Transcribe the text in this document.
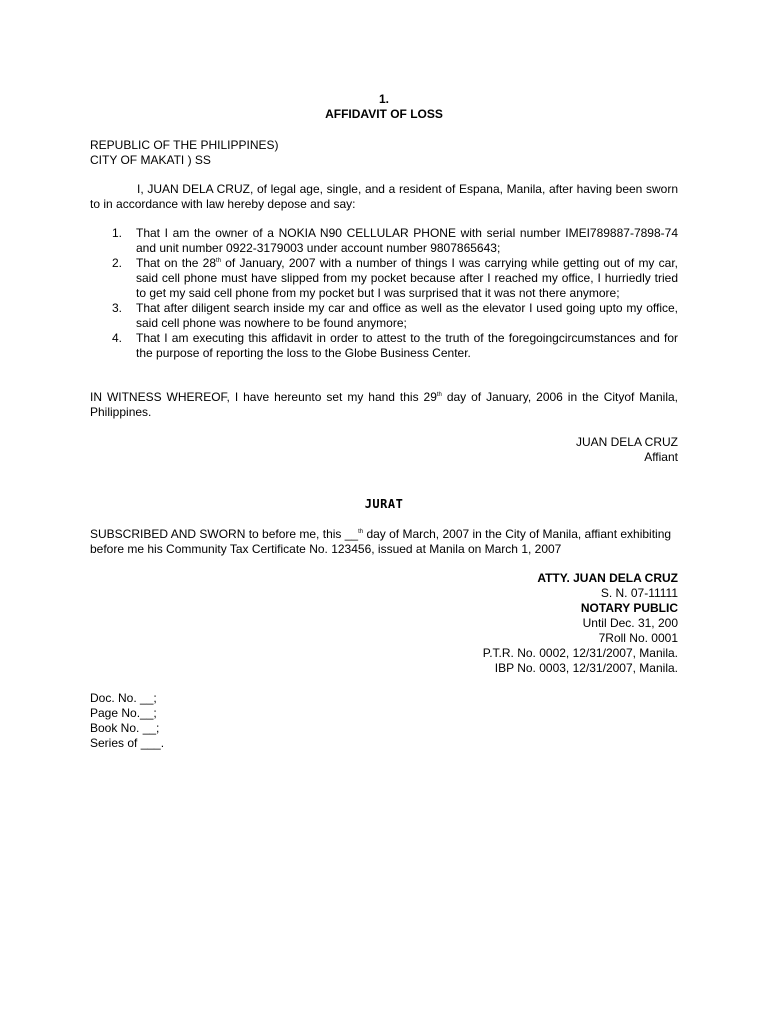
1.
AFFIDAVIT OF LOSS
REPUBLIC OF THE PHILIPPINES)
CITY OF MAKATI ) SS
I, JUAN DELA CRUZ, of legal age, single, and a resident of Espana, Manila, after having been sworn to in accordance with law hereby depose and say:
1. That I am the owner of a NOKIA N90 CELLULAR PHONE with serial number IMEI789887-7898-74 and unit number 0922-3179003 under account number 9807865643;
2. That on the 28th of January, 2007 with a number of things I was carrying while getting out of my car, said cell phone must have slipped from my pocket because after I reached my office, I hurriedly tried to get my said cell phone from my pocket but I was surprised that it was not there anymore;
3. That after diligent search inside my car and office as well as the elevator I used going upto my office, said cell phone was nowhere to be found anymore;
4. That I am executing this affidavit in order to attest to the truth of the foregoingcircumstances and for the purpose of reporting the loss to the Globe Business Center.
IN WITNESS WHEREOF, I have hereunto set my hand this 29th day of January, 2006 in the Cityof Manila, Philippines.
JUAN DELA CRUZ
Affiant
JURAT
SUBSCRIBED AND SWORN to before me, this __$^{th}$ day of March, 2007 in the City of Manila, affiant exhibiting before me his Community Tax Certificate No. 123456, issued at Manila on March 1, 2007
ATTY. JUAN DELA CRUZ
S. N. 07-11111
NOTARY PUBLIC
Until Dec. 31, 200
7Roll No. 0001
P.T.R. No. 0002, 12/31/2007, Manila.
IBP No. 0003, 12/31/2007, Manila.
Doc. No. __;
Page No.__;
Book No. __;
Series of ___.
